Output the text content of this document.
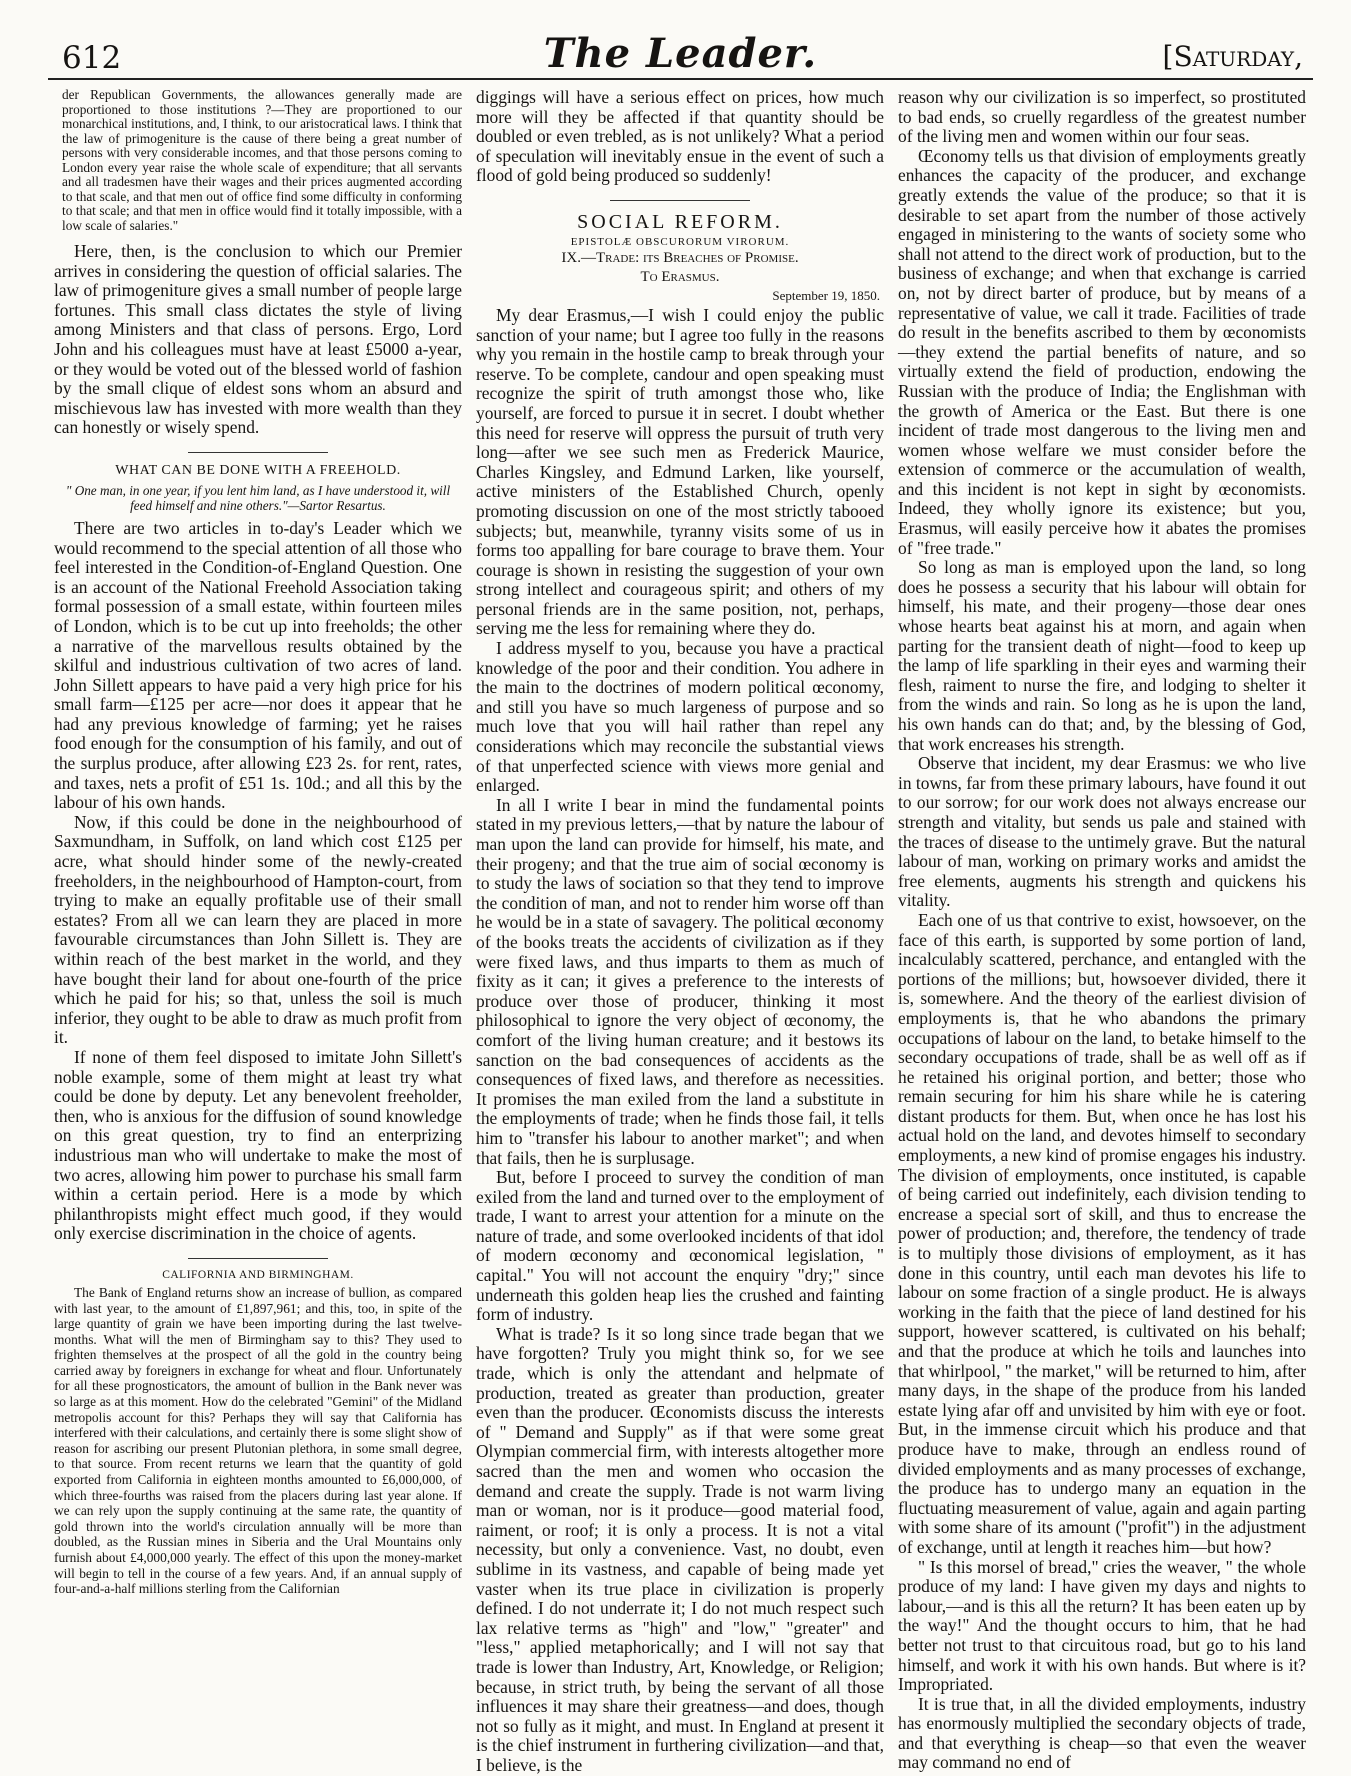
612	The Leader.	[Saturday,

der Republican Governments, the allowances generally made are proportioned to those institutions ?—They are proportioned to our monarchical institutions, and, I think, to our aristocratical laws. I think that the law of primogeniture is the cause of there being a great number of persons with very considerable incomes, and that those persons coming to London every year raise the whole scale of expenditure; that all servants and all tradesmen have their wages and their prices augmented according to that scale, and that men out of office find some difficulty in conforming to that scale; and that men in office would find it totally impossible, with a low scale of salaries."

Here, then, is the conclusion to which our Premier arrives in considering the question of official salaries. The law of primogeniture gives a small number of people large fortunes. This small class dictates the style of living among Ministers and that class of persons. Ergo, Lord John and his colleagues must have at least £5000 a-year, or they would be voted out of the blessed world of fashion by the small clique of eldest sons whom an absurd and mischievous law has invested with more wealth than they can honestly or wisely spend.

WHAT CAN BE DONE WITH A FREEHOLD.
" One man, in one year, if you lent him land, as I have understood it, will feed himself and nine others."—Sartor Resartus.

There are two articles in to-day's Leader which we would recommend to the special attention of all those who feel interested in the Condition-of-England Question. One is an account of the National Freehold Association taking formal possession of a small estate, within fourteen miles of London, which is to be cut up into freeholds; the other a narrative of the marvellous results obtained by the skilful and industrious cultivation of two acres of land. John Sillett appears to have paid a very high price for his small farm—£125 per acre—nor does it appear that he had any previous knowledge of farming; yet he raises food enough for the consumption of his family, and out of the surplus produce, after allowing £23 2s. for rent, rates, and taxes, nets a profit of £51 1s. 10d.; and all this by the labour of his own hands.

Now, if this could be done in the neighbourhood of Saxmundham, in Suffolk, on land which cost £125 per acre, what should hinder some of the newly-created freeholders, in the neighbourhood of Hampton-court, from trying to make an equally profitable use of their small estates? From all we can learn they are placed in more favourable circumstances than John Sillett is. They are within reach of the best market in the world, and they have bought their land for about one-fourth of the price which he paid for his; so that, unless the soil is much inferior, they ought to be able to draw as much profit from it.

If none of them feel disposed to imitate John Sillett's noble example, some of them might at least try what could be done by deputy. Let any benevolent freeholder, then, who is anxious for the diffusion of sound knowledge on this great question, try to find an enterprizing industrious man who will undertake to make the most of two acres, allowing him power to purchase his small farm within a certain period. Here is a mode by which philanthropists might effect much good, if they would only exercise discrimination in the choice of agents.

CALIFORNIA AND BIRMINGHAM.

The Bank of England returns show an increase of bullion, as compared with last year, to the amount of £1,897,961; and this, too, in spite of the large quantity of grain we have been importing during the last twelve-months. What will the men of Birmingham say to this? They used to frighten themselves at the prospect of all the gold in the country being carried away by foreigners in exchange for wheat and flour. Unfortunately for all these prognosticators, the amount of bullion in the Bank never was so large as at this moment. How do the celebrated "Gemini" of the Midland metropolis account for this? Perhaps they will say that California has interfered with their calculations, and certainly there is some slight show of reason for ascribing our present Plutonian plethora, in some small degree, to that source. From recent returns we learn that the quantity of gold exported from California in eighteen months amounted to £6,000,000, of which three-fourths was raised from the placers during last year alone. If we can rely upon the supply continuing at the same rate, the quantity of gold thrown into the world's circulation annually will be more than doubled, as the Russian mines in Siberia and the Ural Mountains only furnish about £4,000,000 yearly. The effect of this upon the money-market will begin to tell in the course of a few years. And, if an annual supply of four-and-a-half millions sterling from the Californian

diggings will have a serious effect on prices, how much more will they be affected if that quantity should be doubled or even trebled, as is not unlikely? What a period of speculation will inevitably ensue in the event of such a flood of gold being produced so suddenly!

SOCIAL REFORM.
EPISTOLÆ OBSCURORUM VIRORUM.
IX.—Trade: its Breaches of Promise.
To Erasmus.
September 19, 1850.

My dear Erasmus,—I wish I could enjoy the public sanction of your name; but I agree too fully in the reasons why you remain in the hostile camp to break through your reserve. To be complete, candour and open speaking must recognize the spirit of truth amongst those who, like yourself, are forced to pursue it in secret. I doubt whether this need for reserve will oppress the pursuit of truth very long—after we see such men as Frederick Maurice, Charles Kingsley, and Edmund Larken, like yourself, active ministers of the Established Church, openly promoting discussion on one of the most strictly tabooed subjects; but, meanwhile, tyranny visits some of us in forms too appalling for bare courage to brave them. Your courage is shown in resisting the suggestion of your own strong intellect and courageous spirit; and others of my personal friends are in the same position, not, perhaps, serving me the less for remaining where they do.

I address myself to you, because you have a practical knowledge of the poor and their condition. You adhere in the main to the doctrines of modern political œconomy, and still you have so much largeness of purpose and so much love that you will hail rather than repel any considerations which may reconcile the substantial views of that unperfected science with views more genial and enlarged.

In all I write I bear in mind the fundamental points stated in my previous letters,—that by nature the labour of man upon the land can provide for himself, his mate, and their progeny; and that the true aim of social œconomy is to study the laws of sociation so that they tend to improve the condition of man, and not to render him worse off than he would be in a state of savagery. The political œconomy of the books treats the accidents of civilization as if they were fixed laws, and thus imparts to them as much of fixity as it can; it gives a preference to the interests of produce over those of producer, thinking it most philosophical to ignore the very object of œconomy, the comfort of the living human creature; and it bestows its sanction on the bad consequences of accidents as the consequences of fixed laws, and therefore as necessities. It promises the man exiled from the land a substitute in the employments of trade; when he finds those fail, it tells him to "transfer his labour to another market"; and when that fails, then he is surplusage.

But, before I proceed to survey the condition of man exiled from the land and turned over to the employment of trade, I want to arrest your attention for a minute on the nature of trade, and some overlooked incidents of that idol of modern œconomy and œconomical legislation, " capital." You will not account the enquiry "dry;" since underneath this golden heap lies the crushed and fainting form of industry.

What is trade? Is it so long since trade began that we have forgotten? Truly you might think so, for we see trade, which is only the attendant and helpmate of production, treated as greater than production, greater even than the producer. Œconomists discuss the interests of " Demand and Supply" as if that were some great Olympian commercial firm, with interests altogether more sacred than the men and women who occasion the demand and create the supply. Trade is not warm living man or woman, nor is it produce—good material food, raiment, or roof; it is only a process. It is not a vital necessity, but only a convenience. Vast, no doubt, even sublime in its vastness, and capable of being made yet vaster when its true place in civilization is properly defined. I do not underrate it; I do not much respect such lax relative terms as "high" and "low," "greater" and "less," applied metaphorically; and I will not say that trade is lower than Industry, Art, Knowledge, or Religion; because, in strict truth, by being the servant of all those influences it may share their greatness—and does, though not so fully as it might, and must. In England at present it is the chief instrument in furthering civilization—and that, I believe, is the

reason why our civilization is so imperfect, so prostituted to bad ends, so cruelly regardless of the greatest number of the living men and women within our four seas.

Œconomy tells us that division of employments greatly enhances the capacity of the producer, and exchange greatly extends the value of the produce; so that it is desirable to set apart from the number of those actively engaged in ministering to the wants of society some who shall not attend to the direct work of production, but to the business of exchange; and when that exchange is carried on, not by direct barter of produce, but by means of a representative of value, we call it trade. Facilities of trade do result in the benefits ascribed to them by œconomists—they extend the partial benefits of nature, and so virtually extend the field of production, endowing the Russian with the produce of India; the Englishman with the growth of America or the East. But there is one incident of trade most dangerous to the living men and women whose welfare we must consider before the extension of commerce or the accumulation of wealth, and this incident is not kept in sight by œconomists. Indeed, they wholly ignore its existence; but you, Erasmus, will easily perceive how it abates the promises of "free trade."

So long as man is employed upon the land, so long does he possess a security that his labour will obtain for himself, his mate, and their progeny—those dear ones whose hearts beat against his at morn, and again when parting for the transient death of night—food to keep up the lamp of life sparkling in their eyes and warming their flesh, raiment to nurse the fire, and lodging to shelter it from the winds and rain. So long as he is upon the land, his own hands can do that; and, by the blessing of God, that work encreases his strength.

Observe that incident, my dear Erasmus: we who live in towns, far from these primary labours, have found it out to our sorrow; for our work does not always encrease our strength and vitality, but sends us pale and stained with the traces of disease to the untimely grave. But the natural labour of man, working on primary works and amidst the free elements, augments his strength and quickens his vitality.

Each one of us that contrive to exist, howsoever, on the face of this earth, is supported by some portion of land, incalculably scattered, perchance, and entangled with the portions of the millions; but, howsoever divided, there it is, somewhere. And the theory of the earliest division of employments is, that he who abandons the primary occupations of labour on the land, to betake himself to the secondary occupations of trade, shall be as well off as if he retained his original portion, and better; those who remain securing for him his share while he is catering distant products for them. But, when once he has lost his actual hold on the land, and devotes himself to secondary employments, a new kind of promise engages his industry. The division of employments, once instituted, is capable of being carried out indefinitely, each division tending to encrease a special sort of skill, and thus to encrease the power of production; and, therefore, the tendency of trade is to multiply those divisions of employment, as it has done in this country, until each man devotes his life to labour on some fraction of a single product. He is always working in the faith that the piece of land destined for his support, however scattered, is cultivated on his behalf; and that the produce at which he toils and launches into that whirlpool, " the market," will be returned to him, after many days, in the shape of the produce from his landed estate lying afar off and unvisited by him with eye or foot. But, in the immense circuit which his produce and that produce have to make, through an endless round of divided employments and as many processes of exchange, the produce has to undergo many an equation in the fluctuating measurement of value, again and again parting with some share of its amount ("profit") in the adjustment of exchange, until at length it reaches him—but how?

" Is this morsel of bread," cries the weaver, " the whole produce of my land: I have given my days and nights to labour,—and is this all the return? It has been eaten up by the way!" And the thought occurs to him, that he had better not trust to that circuitous road, but go to his land himself, and work it with his own hands. But where is it? Impropriated.

It is true that, in all the divided employments, industry has enormously multiplied the secondary objects of trade, and that everything is cheap—so that even the weaver may command no end of
